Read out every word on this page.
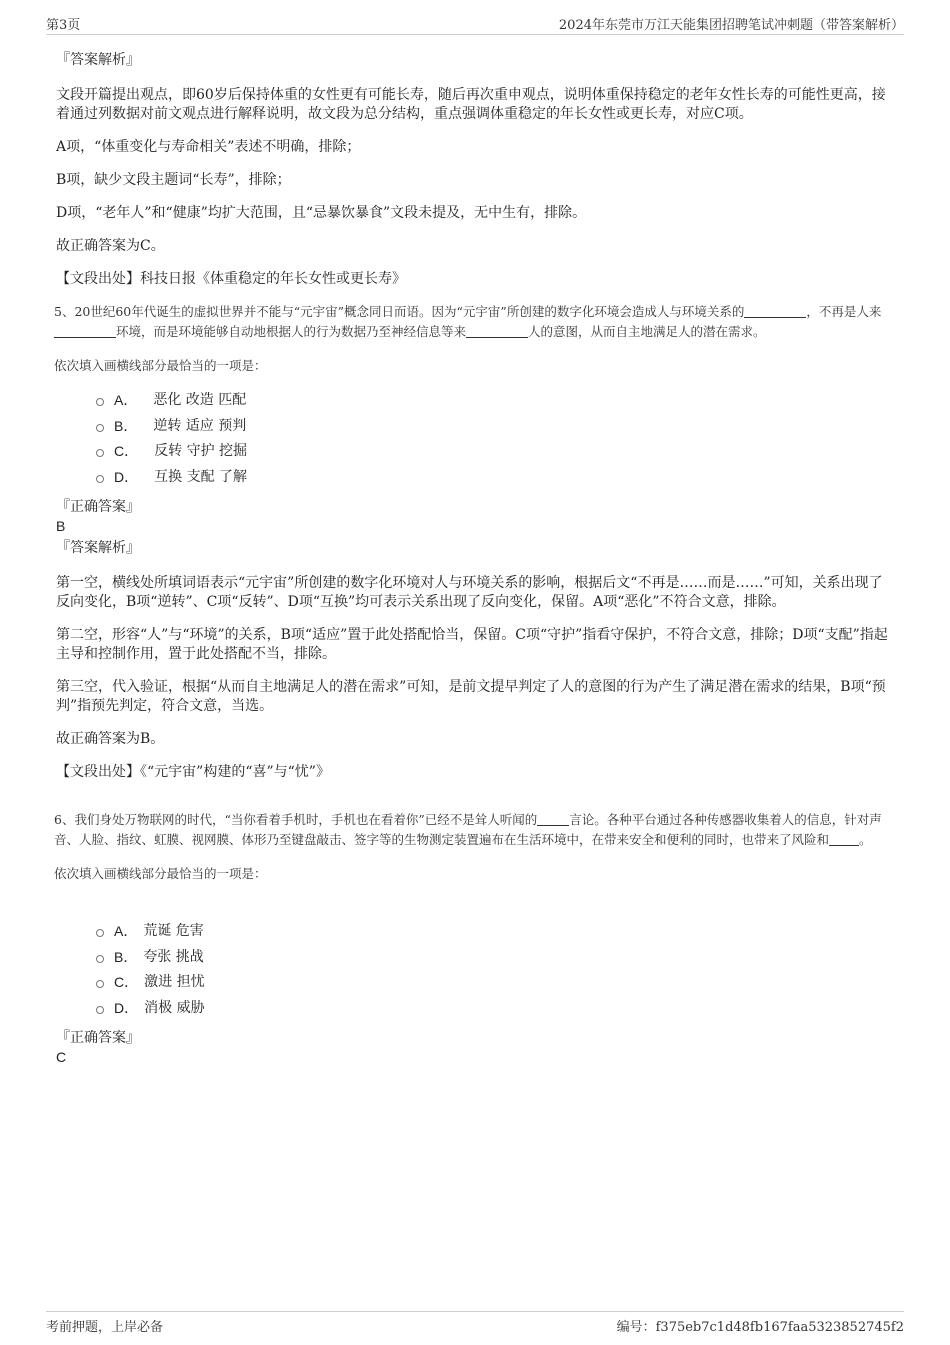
第3页	2024年东莞市万江天能集团招聘笔试冲刺题（带答案解析）

『答案解析』

文段开篇提出观点，即60岁后保持体重的女性更有可能长寿，随后再次重申观点，说明体重保持稳定的老年女性长寿的可能性更高，接着通过列数据对前文观点进行解释说明，故文段为总分结构，重点强调体重稳定的年长女性或更长寿，对应C项。

A项，“体重变化与寿命相关”表述不明确，排除；

B项，缺少文段主题词“长寿”，排除；

D项，“老年人”和“健康”均扩大范围，且“忌暴饮暴食”文段未提及，无中生有，排除。

故正确答案为C。

【文段出处】科技日报《体重稳定的年长女性或更长寿》

5、20世纪60年代诞生的虚拟世界并不能与“元宇宙”概念同日而语。因为“元宇宙”所创建的数字化环境会造成人与环境关系的	，不再是人来环境，而是环境能够自动地根据人的行为数据乃至神经信息等来	人的意图，从而自主地满足人的潜在需求。

依次填入画横线部分最恰当的一项是：

A． 恶化 改造 匹配
B． 逆转 适应 预判
C． 反转 守护 挖掘
D． 互换 支配 了解

『正确答案』

B

『答案解析』

第一空，横线处所填词语表示“元宇宙”所创建的数字化环境对人与环境关系的影响，根据后文“不再是……而是……”可知，关系出现了反向变化，B项“逆转”、C项“反转”、D项“互换”均可表示关系出现了反向变化，保留。A项“恶化”不符合文意，排除。

第二空，形容“人”与“环境”的关系，B项“适应”置于此处搭配恰当，保留。C项“守护”指看守保护，不符合文意，排除；D项“支配”指起主导和控制作用，置于此处搭配不当，排除。

第三空，代入验证，根据“从而自主地满足人的潜在需求”可知，是前文提早判定了人的意图的行为产生了满足潜在需求的结果，B项“预判”指预先判定，符合文意，当选。

故正确答案为B。

【文段出处】《“元宇宙”构建的“喜”与“忧”》

6、我们身处万物联网的时代，“当你看着手机时，手机也在看着你”已经不是耸人听闻的	言论。各种平台通过各种传感器收集着人的信息，针对声音、人脸、指纹、虹膜、视网膜、体形乃至键盘敲击、签字等的生物测定装置遍布在生活环境中，在带来安全和便利的同时，也带来了风险和 。

依次填入画横线部分最恰当的一项是：

A． 荒诞 危害
B． 夸张 挑战
C． 激进 担忧
D． 消极 威胁

『正确答案』

C

考前押题，上岸必备	编号：f375eb7c1d48fb167faa5323852745f2
